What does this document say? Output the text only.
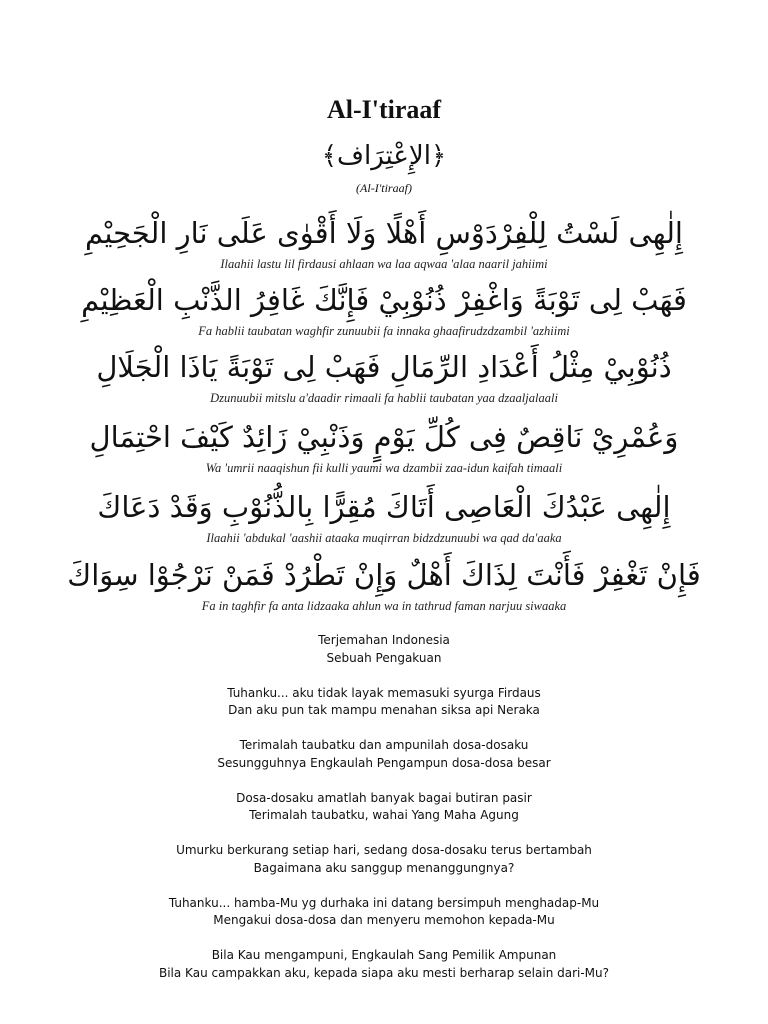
Al-I'tiraaf
﴿الإِعْتِرَاف﴾
(Al-I'tiraaf)
إِلٰهِى لَسْتُ لِلْفِرْدَوْسِ أَهْلًا وَلَا أَقْوٰى عَلَى نَارِ الْجَحِيْمِ
Ilaahii lastu lil firdausi ahlaan wa laa aqwaa 'alaa naaril jahiimi
فَهَبْ لِى تَوْبَةً وَاغْفِرْ ذُنُوْبِيْ فَإِنَّكَ غَافِرُ الذَّنْبِ الْعَظِيْمِ
Fa hablii taubatan waghfir zunuubii fa innaka ghaafirudzdzambil 'azhiimi
ذُنُوْبِيْ مِثْلُ أَعْدَادِ الرِّمَالِ فَهَبْ لِى تَوْبَةً يَاذَا الْجَلَالِ
Dzunuubii mitslu a'daadir rimaali fa hablii taubatan yaa dzaaljalaali
وَعُمْرِيْ نَاقِصٌ فِى كُلِّ يَوْمٍ وَذَنْبِيْ زَائِدٌ كَيْفَ احْتِمَالِ
Wa 'umrii naaqishun fii kulli yaumi wa dzambii zaa-idun kaifah timaali
إِلٰهِى عَبْدُكَ الْعَاصِى أَتَاكَ مُقِرًّا بِالذُّنُوْبِ وَقَدْ دَعَاكَ
Ilaahii 'abdukal 'aashii ataaka muqirran bidzdzunuubi wa qad da'aaka
فَإِنْ تَغْفِرْ فَأَنْتَ لِذَاكَ أَهْلٌ وَإِنْ تَطْرُدْ فَمَنْ نَرْجُوْا سِوَاكَ
Fa in taghfir fa anta lidzaaka ahlun wa in tathrud faman narjuu siwaaka
Terjemahan Indonesia
Sebuah Pengakuan
Tuhanku... aku tidak layak memasuki syurga Firdaus
Dan aku pun tak mampu menahan siksa api Neraka
Terimalah taubatku dan ampunilah dosa-dosaku
Sesungguhnya Engkaulah Pengampun dosa-dosa besar
Dosa-dosaku amatlah banyak bagai butiran pasir
Terimalah taubatku, wahai Yang Maha Agung
Umurku berkurang setiap hari, sedang dosa-dosaku terus bertambah
Bagaimana aku sanggup menanggungnya?
Tuhanku... hamba-Mu yg durhaka ini datang bersimpuh menghadap-Mu
Mengakui dosa-dosa dan menyeru memohon kepada-Mu
Bila Kau mengampuni, Engkaulah Sang Pemilik Ampunan
Bila Kau campakkan aku, kepada siapa aku mesti berharap selain dari-Mu?
